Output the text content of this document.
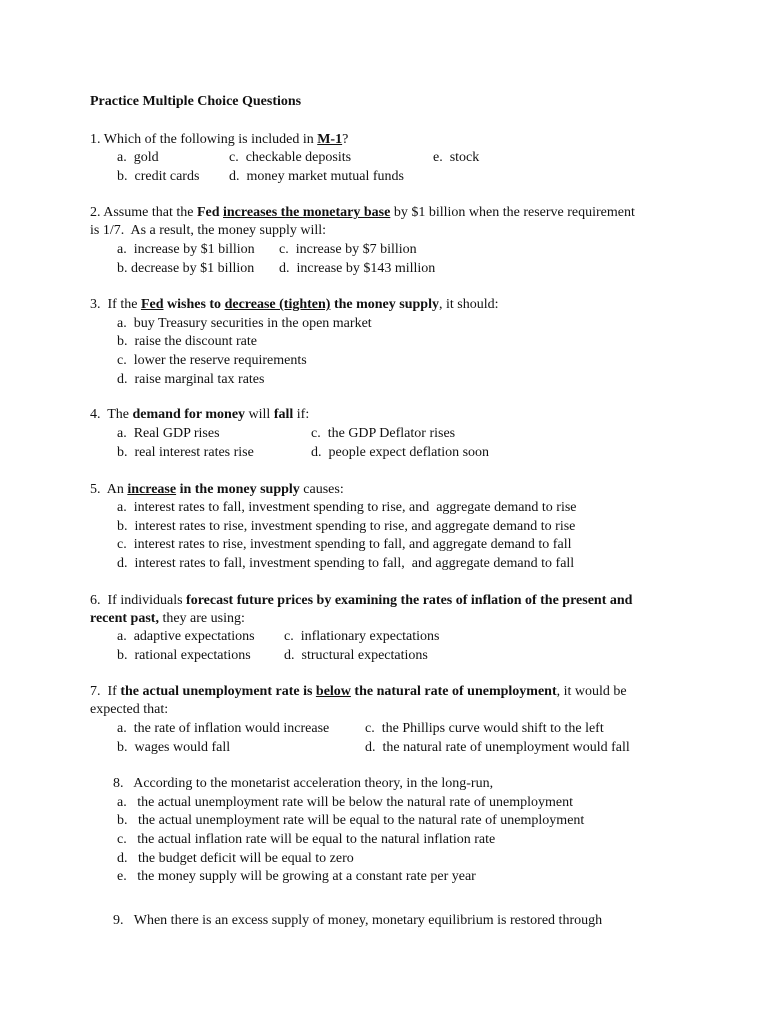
Practice Multiple Choice Questions
1. Which of the following is included in M-1?
a.  gold	c.  checkable deposits	e.  stock
b.  credit cards d.  money market mutual funds
2. Assume that the Fed increases the monetary base by $1 billion when the reserve requirement
is 1/7.  As a result, the money supply will:
a.  increase by $1 billion c.  increase by $7 billion
b. decrease by $1 billion d.  increase by $143 million
3.  If the Fed wishes to decrease (tighten) the money supply, it should:
a.  buy Treasury securities in the open market
b.  raise the discount rate
c.  lower the reserve requirements
d.  raise marginal tax rates
4.  The demand for money will fall if:
a.  Real GDP rises	c.  the GDP Deflator rises
b.  real interest rates rise	d.  people expect deflation soon
5.  An increase in the money supply causes:
a.  interest rates to fall, investment spending to rise, and  aggregate demand to rise
b.  interest rates to rise, investment spending to rise, and aggregate demand to rise
c.  interest rates to rise, investment spending to fall, and aggregate demand to fall
d.  interest rates to fall, investment spending to fall,  and aggregate demand to fall
6.  If individuals forecast future prices by examining the rates of inflation of the present and
recent past, they are using:
a.  adaptive expectations c.  inflationary expectations
b.  rational expectations d.  structural expectations
7.  If the actual unemployment rate is below the natural rate of unemployment, it would be
expected that:
a.  the rate of inflation would increase	c.  the Phillips curve would shift to the left
b.  wages would fall	d.  the natural rate of unemployment would fall
8.   According to the monetarist acceleration theory, in the long-run,
a.   the actual unemployment rate will be below the natural rate of unemployment
b.   the actual unemployment rate will be equal to the natural rate of unemployment
c.   the actual inflation rate will be equal to the natural inflation rate
d.   the budget deficit will be equal to zero
e.   the money supply will be growing at a constant rate per year
9.   When there is an excess supply of money, monetary equilibrium is restored through
